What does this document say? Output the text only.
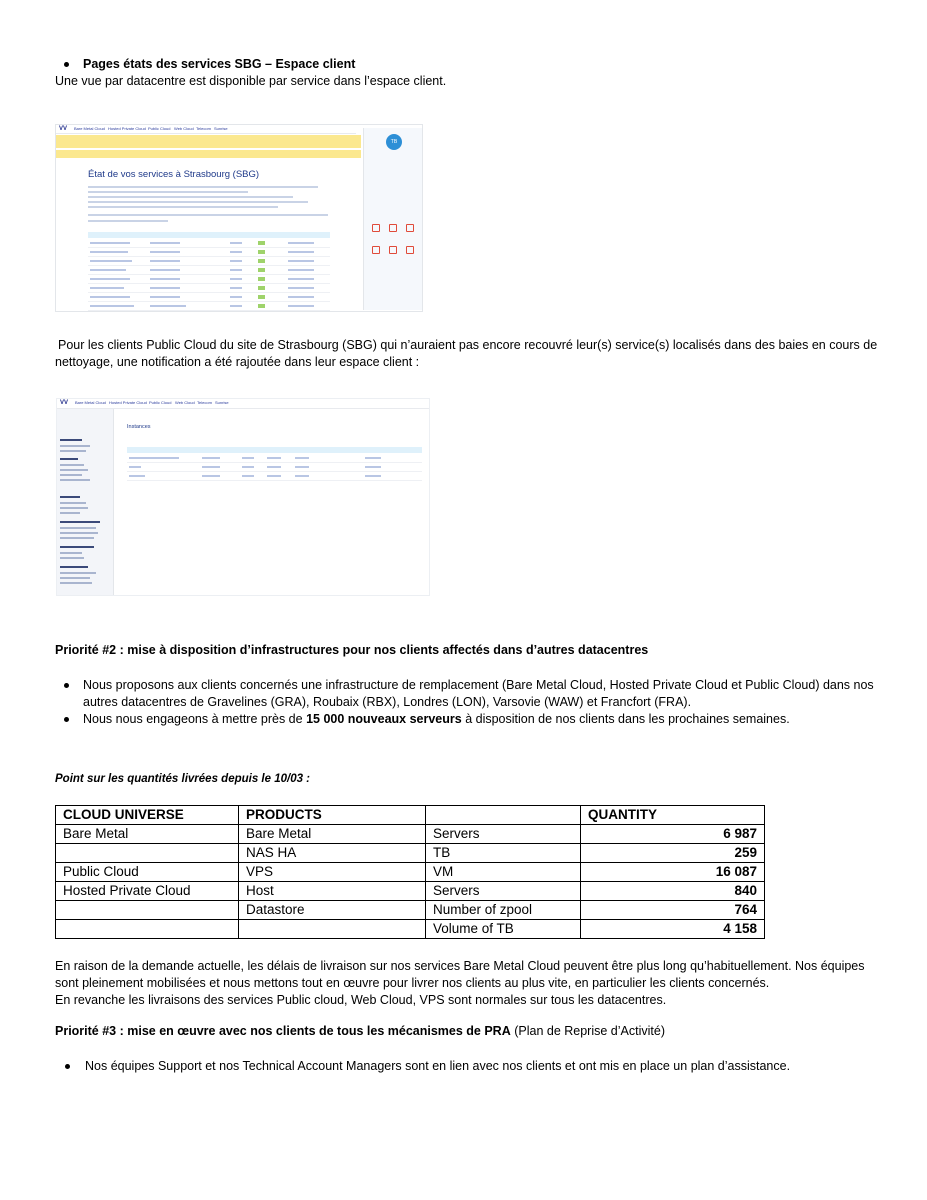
Pages états des services SBG – Espace client
Une vue par datacentre est disponible par service dans l’espace client.
VV Bare Metal Cloud Hosted Private Cloud Public Cloud Web Cloud Telecom Sunrise
État de vos services à Strasbourg (SBG)
TB
Pour les clients Public Cloud du site de Strasbourg (SBG) qui n’auraient pas encore recouvré leur(s) service(s) localisés dans des baies en cours de
nettoyage, une notification a été rajoutée dans leur espace client :
VV Bare Metal Cloud Hosted Private Cloud Public Cloud Web Cloud Telecom Sunrise
Instances
Priorité #2 : mise à disposition d’infrastructures pour nos clients affectés dans d’autres datacentres
Nous proposons aux clients concernés une infrastructure de remplacement (Bare Metal Cloud, Hosted Private Cloud et Public Cloud) dans nos
autres datacentres de Gravelines (GRA), Roubaix (RBX), Londres (LON), Varsovie (WAW) et Francfort (FRA).
Nous nous engageons à mettre près de 15 000 nouveaux serveurs à disposition de nos clients dans les prochaines semaines.
Point sur les quantités livrées depuis le 10/03 :
CLOUD UNIVERSE	PRODUCTS		QUANTITY
Bare Metal	Bare Metal	Servers	6 987
	NAS HA	TB	259
Public Cloud	VPS	VM	16 087
Hosted Private Cloud	Host	Servers	840
	Datastore	Number of zpool	764
		Volume of TB	4 158
En raison de la demande actuelle, les délais de livraison sur nos services Bare Metal Cloud peuvent être plus long qu’habituellement. Nos équipes
sont pleinement mobilisées et nous mettons tout en œuvre pour livrer nos clients au plus vite, en particulier les clients concernés.
En revanche les livraisons des services Public cloud, Web Cloud, VPS sont normales sur tous les datacentres.
Priorité #3 : mise en œuvre avec nos clients de tous les mécanismes de PRA (Plan de Reprise d’Activité)
Nos équipes Support et nos Technical Account Managers sont en lien avec nos clients et ont mis en place un plan d’assistance.
